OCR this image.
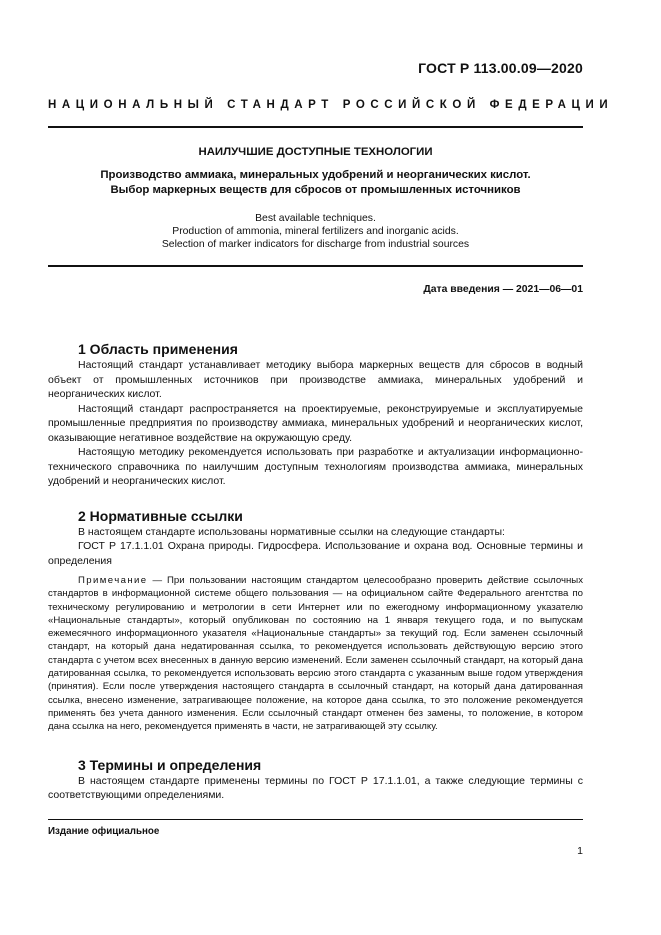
ГОСТ Р 113.00.09—2020
НАЦИОНАЛЬНЫЙ СТАНДАРТ РОССИЙСКОЙ ФЕДЕРАЦИИ

НАИЛУЧШИЕ ДОСТУПНЫЕ ТЕХНОЛОГИИ

Производство аммиака, минеральных удобрений и неорганических кислот.
Выбор маркерных веществ для сбросов от промышленных источников

Best available techniques.
Production of ammonia, mineral fertilizers and inorganic acids.
Selection of marker indicators for discharge from industrial sources

Дата введения — 2021—06—01
1 Область применения

Настоящий стандарт устанавливает методику выбора маркерных веществ для сбросов в водный объект от промышленных источников при производстве аммиака, минеральных удобрений и неорганических кислот.

Настоящий стандарт распространяется на проектируемые, реконструируемые и эксплуатируемые промышленные предприятия по производству аммиака, минеральных удобрений и неорганических кислот, оказывающие негативное воздействие на окружающую среду.

Настоящую методику рекомендуется использовать при разработке и актуализации информационно-технического справочника по наилучшим доступным технологиям производства аммиака, минеральных удобрений и неорганических кислот.

2 Нормативные ссылки

В настоящем стандарте использованы нормативные ссылки на следующие стандарты:

ГОСТ Р 17.1.1.01 Охрана природы. Гидросфера. Использование и охрана вод. Основные термины и определения

Примечание — При пользовании настоящим стандартом целесообразно проверить действие ссылочных стандартов в информационной системе общего пользования — на официальном сайте Федерального агентства по техническому регулированию и метрологии в сети Интернет или по ежегодному информационному указателю «Национальные стандарты», который опубликован по состоянию на 1 января текущего года, и по выпускам ежемесячного информационного указателя «Национальные стандарты» за текущий год. Если заменен ссылочный стандарт, на который дана недатированная ссылка, то рекомендуется использовать действующую версию этого стандарта с учетом всех внесенных в данную версию изменений. Если заменен ссылочный стандарт, на который дана датированная ссылка, то рекомендуется использовать версию этого стандарта с указанным выше годом утверждения (принятия). Если после утверждения настоящего стандарта в ссылочный стандарт, на который дана датированная ссылка, внесено изменение, затрагивающее положение, на которое дана ссылка, то это положение рекомендуется применять без учета данного изменения. Если ссылочный стандарт отменен без замены, то положение, в котором дана ссылка на него, рекомендуется применять в части, не затрагивающей эту ссылку.

3 Термины и определения

В настоящем стандарте применены термины по ГОСТ Р 17.1.1.01, а также следующие термины с соответствующими определениями.

Издание официальное
1
